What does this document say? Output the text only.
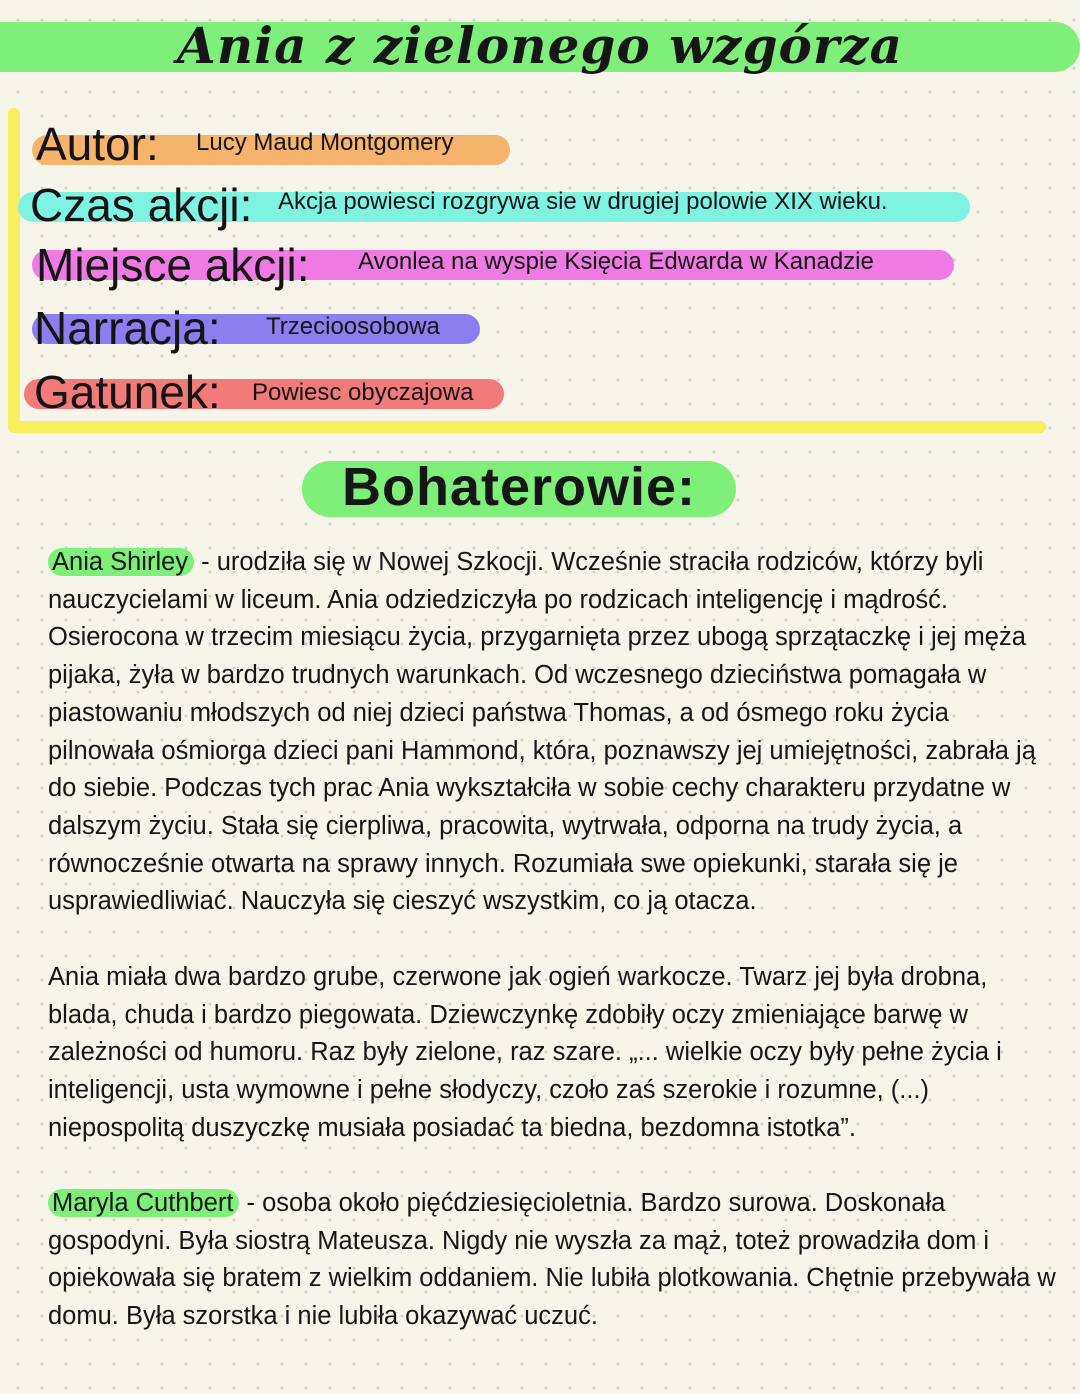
Ania z zielonego wzgórza
Autor: Lucy Maud Montgomery
Czas akcji: Akcja powiesci rozgrywa sie w drugiej polowie XIX wieku.
Miejsce akcji: Avonlea na wyspie Księcia Edwarda w Kanadzie
Narracja: Trzecioosobowa
Gatunek: Powiesc obyczajowa
Bohaterowie:

Ania Shirley - urodziła się w Nowej Szkocji. Wcześnie straciła rodziców, którzy byli nauczycielami w liceum. Ania odziedziczyła po rodzicach inteligencję i mądrość. Osierocona w trzecim miesiącu życia, przygarnięta przez ubogą sprzątaczkę i jej męża pijaka, żyła w bardzo trudnych warunkach. Od wczesnego dzieciństwa pomagała w piastowaniu młodszych od niej dzieci państwa Thomas, a od ósmego roku życia pilnowała ośmiorga dzieci pani Hammond, która, poznawszy jej umiejętności, zabrała ją do siebie. Podczas tych prac Ania wykształciła w sobie cechy charakteru przydatne w dalszym życiu. Stała się cierpliwa, pracowita, wytrwała, odporna na trudy życia, a równocześnie otwarta na sprawy innych. Rozumiała swe opiekunki, starała się je usprawiedliwiać. Nauczyła się cieszyć wszystkim, co ją otacza.

Ania miała dwa bardzo grube, czerwone jak ogień warkocze. Twarz jej była drobna, blada, chuda i bardzo piegowata. Dziewczynkę zdobiły oczy zmieniające barwę w zależności od humoru. Raz były zielone, raz szare. „... wielkie oczy były pełne życia i inteligencji, usta wymowne i pełne słodyczy, czoło zaś szerokie i rozumne, (...) niepospolitą duszyczkę musiała posiadać ta biedna, bezdomna istotka”.

Maryla Cuthbert - osoba około pięćdziesięcioletnia. Bardzo surowa. Doskonała gospodyni. Była siostrą Mateusza. Nigdy nie wyszła za mąż, toteż prowadziła dom i opiekowała się bratem z wielkim oddaniem. Nie lubiła plotkowania. Chętnie przebywała w domu. Była szorstka i nie lubiła okazywać uczuć.
